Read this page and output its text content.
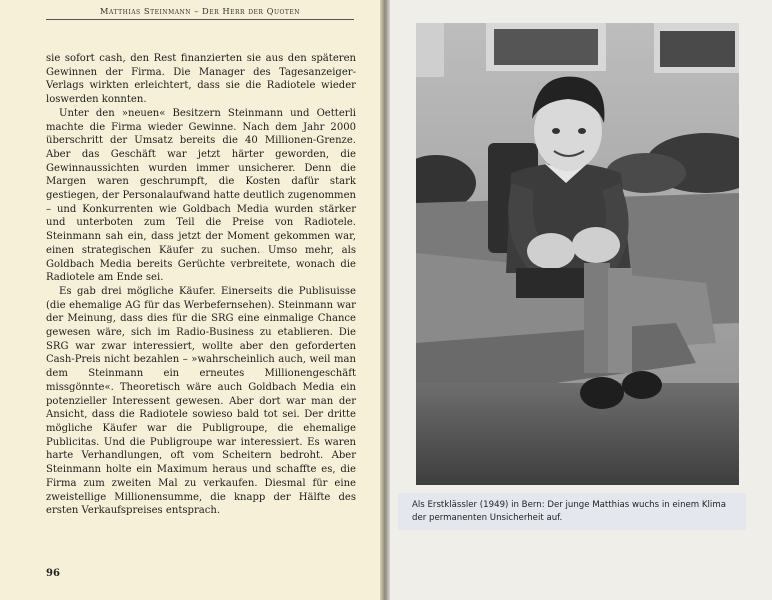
Matthias Steinmann – Der Herr der Quoten

sie sofort cash, den Rest finanzierten sie aus den späteren Gewinnen der Firma. Die Manager des Tagesanzeiger-Verlags wirkten erleichtert, dass sie die Radiotele wieder loswerden konnten.

Unter den »neuen« Besitzern Steinmann und Oetterli machte die Firma wieder Gewinne. Nach dem Jahr 2000 überschritt der Umsatz bereits die 40 Millionen-Grenze. Aber das Geschäft war jetzt härter geworden, die Gewinnaussichten wurden immer unsicherer. Denn die Margen waren geschrumpft, die Kosten dafür stark gestiegen, der Personalaufwand hatte deutlich zugenommen – und Konkurrenten wie Goldbach Media wurden stärker und unterboten zum Teil die Preise von Radiotele. Steinmann sah ein, dass jetzt der Moment gekommen war, einen strategischen Käufer zu suchen. Umso mehr, als Goldbach Media bereits Gerüchte verbreitete, wonach die Radiotele am Ende sei.

Es gab drei mögliche Käufer. Einerseits die Publisuisse (die ehemalige AG für das Werbefernsehen). Steinmann war der Meinung, dass dies für die SRG eine einmalige Chance gewesen wäre, sich im Radio-Business zu etablieren. Die SRG war zwar interessiert, wollte aber den geforderten Cash-Preis nicht bezahlen – »wahrscheinlich auch, weil man dem Steinmann ein erneutes Millionengeschäft missgönnte«. Theoretisch wäre auch Goldbach Media ein potenzieller Interessent gewesen. Aber dort war man der Ansicht, dass die Radiotele sowieso bald tot sei. Der dritte mögliche Käufer war die Publigroupe, die ehemalige Publicitas. Und die Publigroupe war interessiert. Es waren harte Verhandlungen, oft vom Scheitern bedroht. Aber Steinmann holte ein Maximum heraus und schaffte es, die Firma zum zweiten Mal zu verkaufen. Diesmal für eine zweistellige Millionensumme, die knapp der Hälfte des ersten Verkaufspreises entsprach.

96
Als Erstklässler (1949) in Bern: Der junge Matthias wuchs in einem Klima der permanenten Unsicherheit auf.
